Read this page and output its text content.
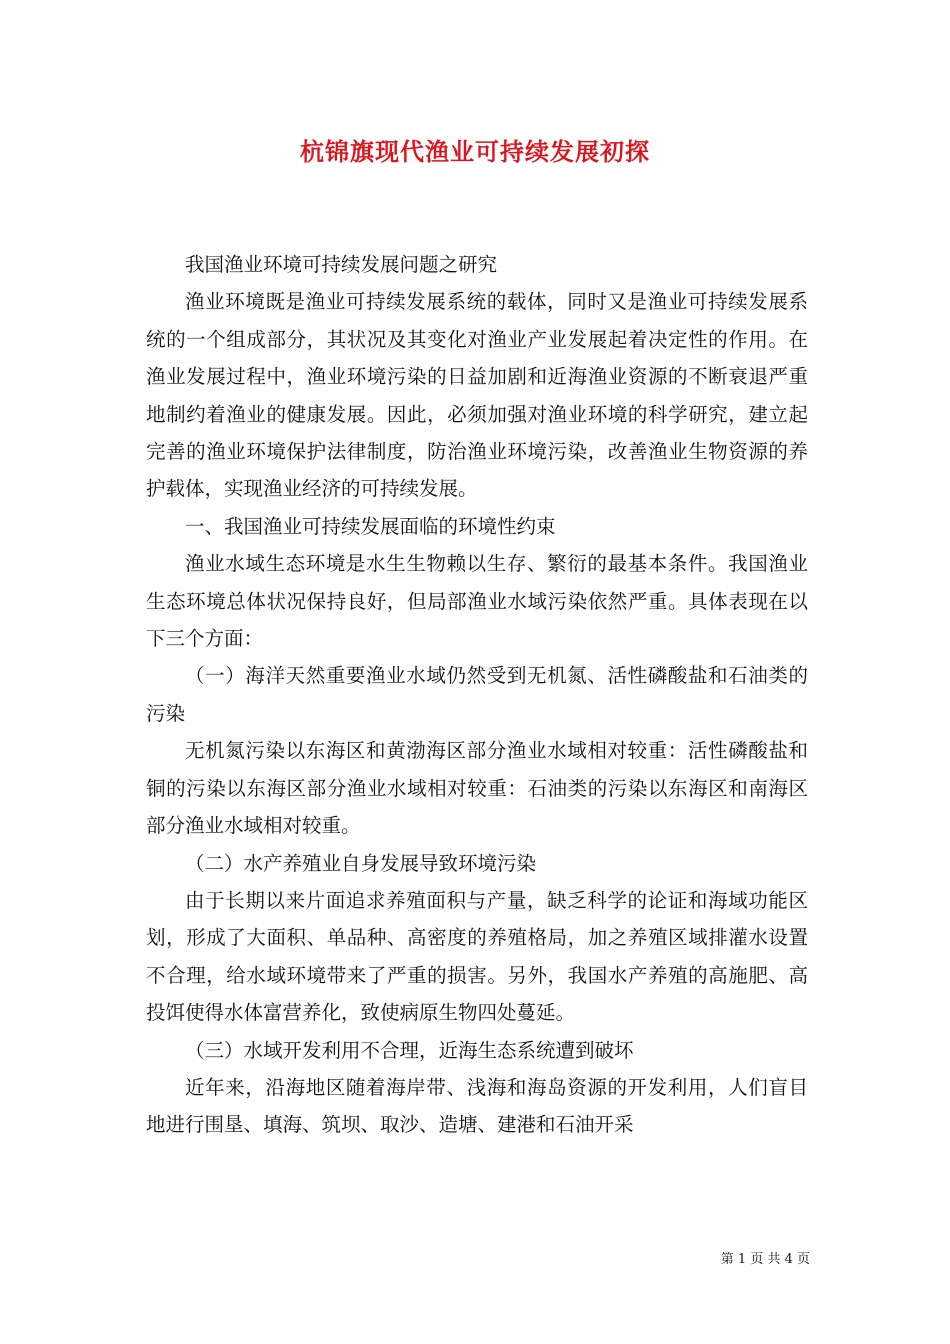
杭锦旗现代渔业可持续发展初探

我国渔业环境可持续发展问题之研究

渔业环境既是渔业可持续发展系统的载体，同时又是渔业可持续发展系统的一个组成部分，其状况及其变化对渔业产业发展起着决定性的作用。在渔业发展过程中，渔业环境污染的日益加剧和近海渔业资源的不断衰退严重地制约着渔业的健康发展。因此，必须加强对渔业环境的科学研究，建立起完善的渔业环境保护法律制度，防治渔业环境污染，改善渔业生物资源的养护载体，实现渔业经济的可持续发展。

一、我国渔业可持续发展面临的环境性约束

渔业水域生态环境是水生生物赖以生存、繁衍的最基本条件。我国渔业生态环境总体状况保持良好，但局部渔业水域污染依然严重。具体表现在以下三个方面：

（一）海洋天然重要渔业水域仍然受到无机氮、活性磷酸盐和石油类的污染

无机氮污染以东海区和黄渤海区部分渔业水域相对较重：活性磷酸盐和铜的污染以东海区部分渔业水域相对较重：石油类的污染以东海区和南海区部分渔业水域相对较重。

（二）水产养殖业自身发展导致环境污染

由于长期以来片面追求养殖面积与产量，缺乏科学的论证和海域功能区划，形成了大面积、单品种、高密度的养殖格局，加之养殖区域排灌水设置不合理，给水域环境带来了严重的损害。另外，我国水产养殖的高施肥、高投饵使得水体富营养化，致使病原生物四处蔓延。

（三）水域开发利用不合理，近海生态系统遭到破坏

近年来，沿海地区随着海岸带、浅海和海岛资源的开发利用，人们盲目地进行围垦、填海、筑坝、取沙、造塘、建港和石油开采

第 1 页 共 4 页
